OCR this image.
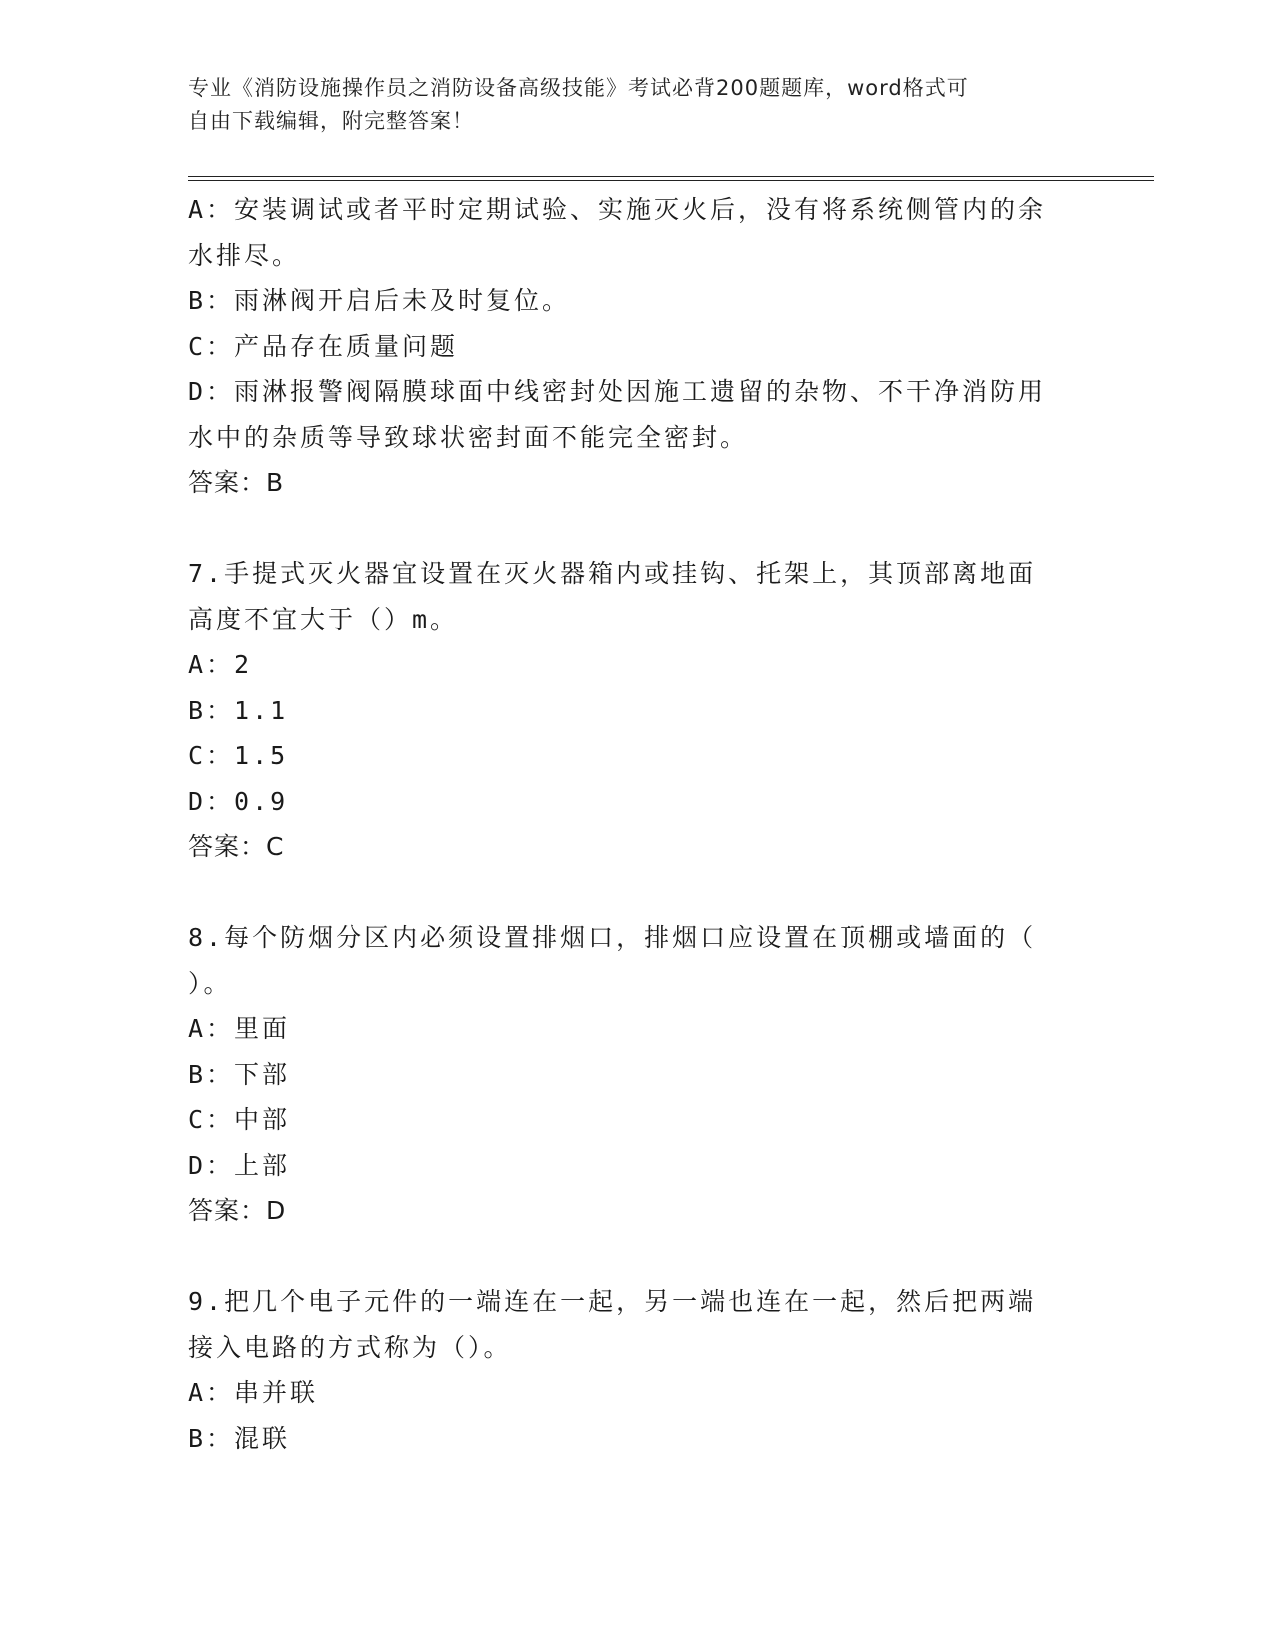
专业《消防设施操作员之消防设备高级技能》考试必背200题题库，word格式可
自由下载编辑，附完整答案！
A：安装调试或者平时定期试验、实施灭火后，没有将系统侧管内的余
水排尽。
B：雨淋阀开启后未及时复位。
C：产品存在质量问题
D：雨淋报警阀隔膜球面中线密封处因施工遗留的杂物、不干净消防用
水中的杂质等导致球状密封面不能完全密封。
答案：B
7.手提式灭火器宜设置在灭火器箱内或挂钩、托架上，其顶部离地面
高度不宜大于（）m。
A：2
B：1.1
C：1.5
D：0.9
答案：C
8.每个防烟分区内必须设置排烟口，排烟口应设置在顶棚或墙面的（
）。
A：里面
B：下部
C：中部
D：上部
答案：D
9.把几个电子元件的一端连在一起，另一端也连在一起，然后把两端
接入电路的方式称为（）。
A：串并联
B：混联
